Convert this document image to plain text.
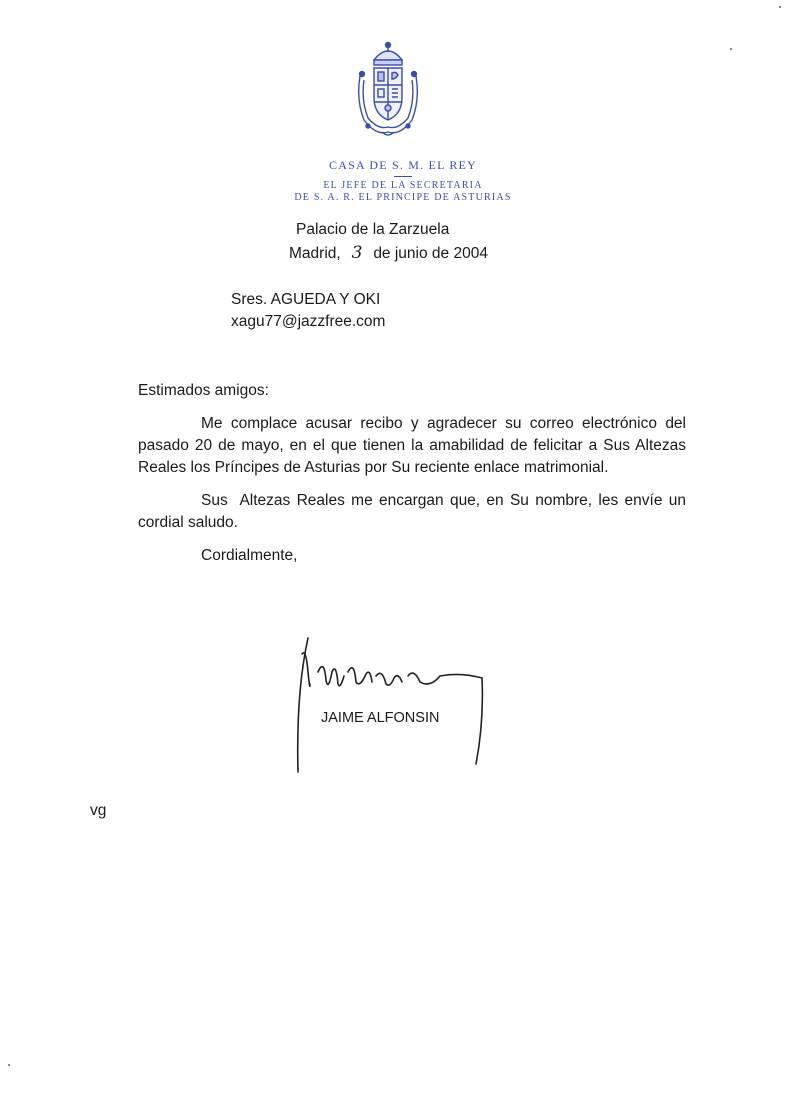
CASA DE S. M. EL REY
EL JEFE DE LA SECRETARIA
DE S. A. R. EL PRINCIPE DE ASTURIAS
Palacio de la Zarzuela
Madrid, 3 de junio de 2004
Sres. AGUEDA Y OKI
xagu77@jazzfree.com
Estimados amigos:
Me complace acusar recibo y agradecer su correo electrónico del pasado 20 de mayo, en el que tienen la amabilidad de felicitar a Sus Altezas Reales los Príncipes de Asturias por Su reciente enlace matrimonial.
Sus  Altezas Reales me encargan que, en Su nombre, les envíe un cordial saludo.
Cordialmente,
JAIME ALFONSIN
vg
